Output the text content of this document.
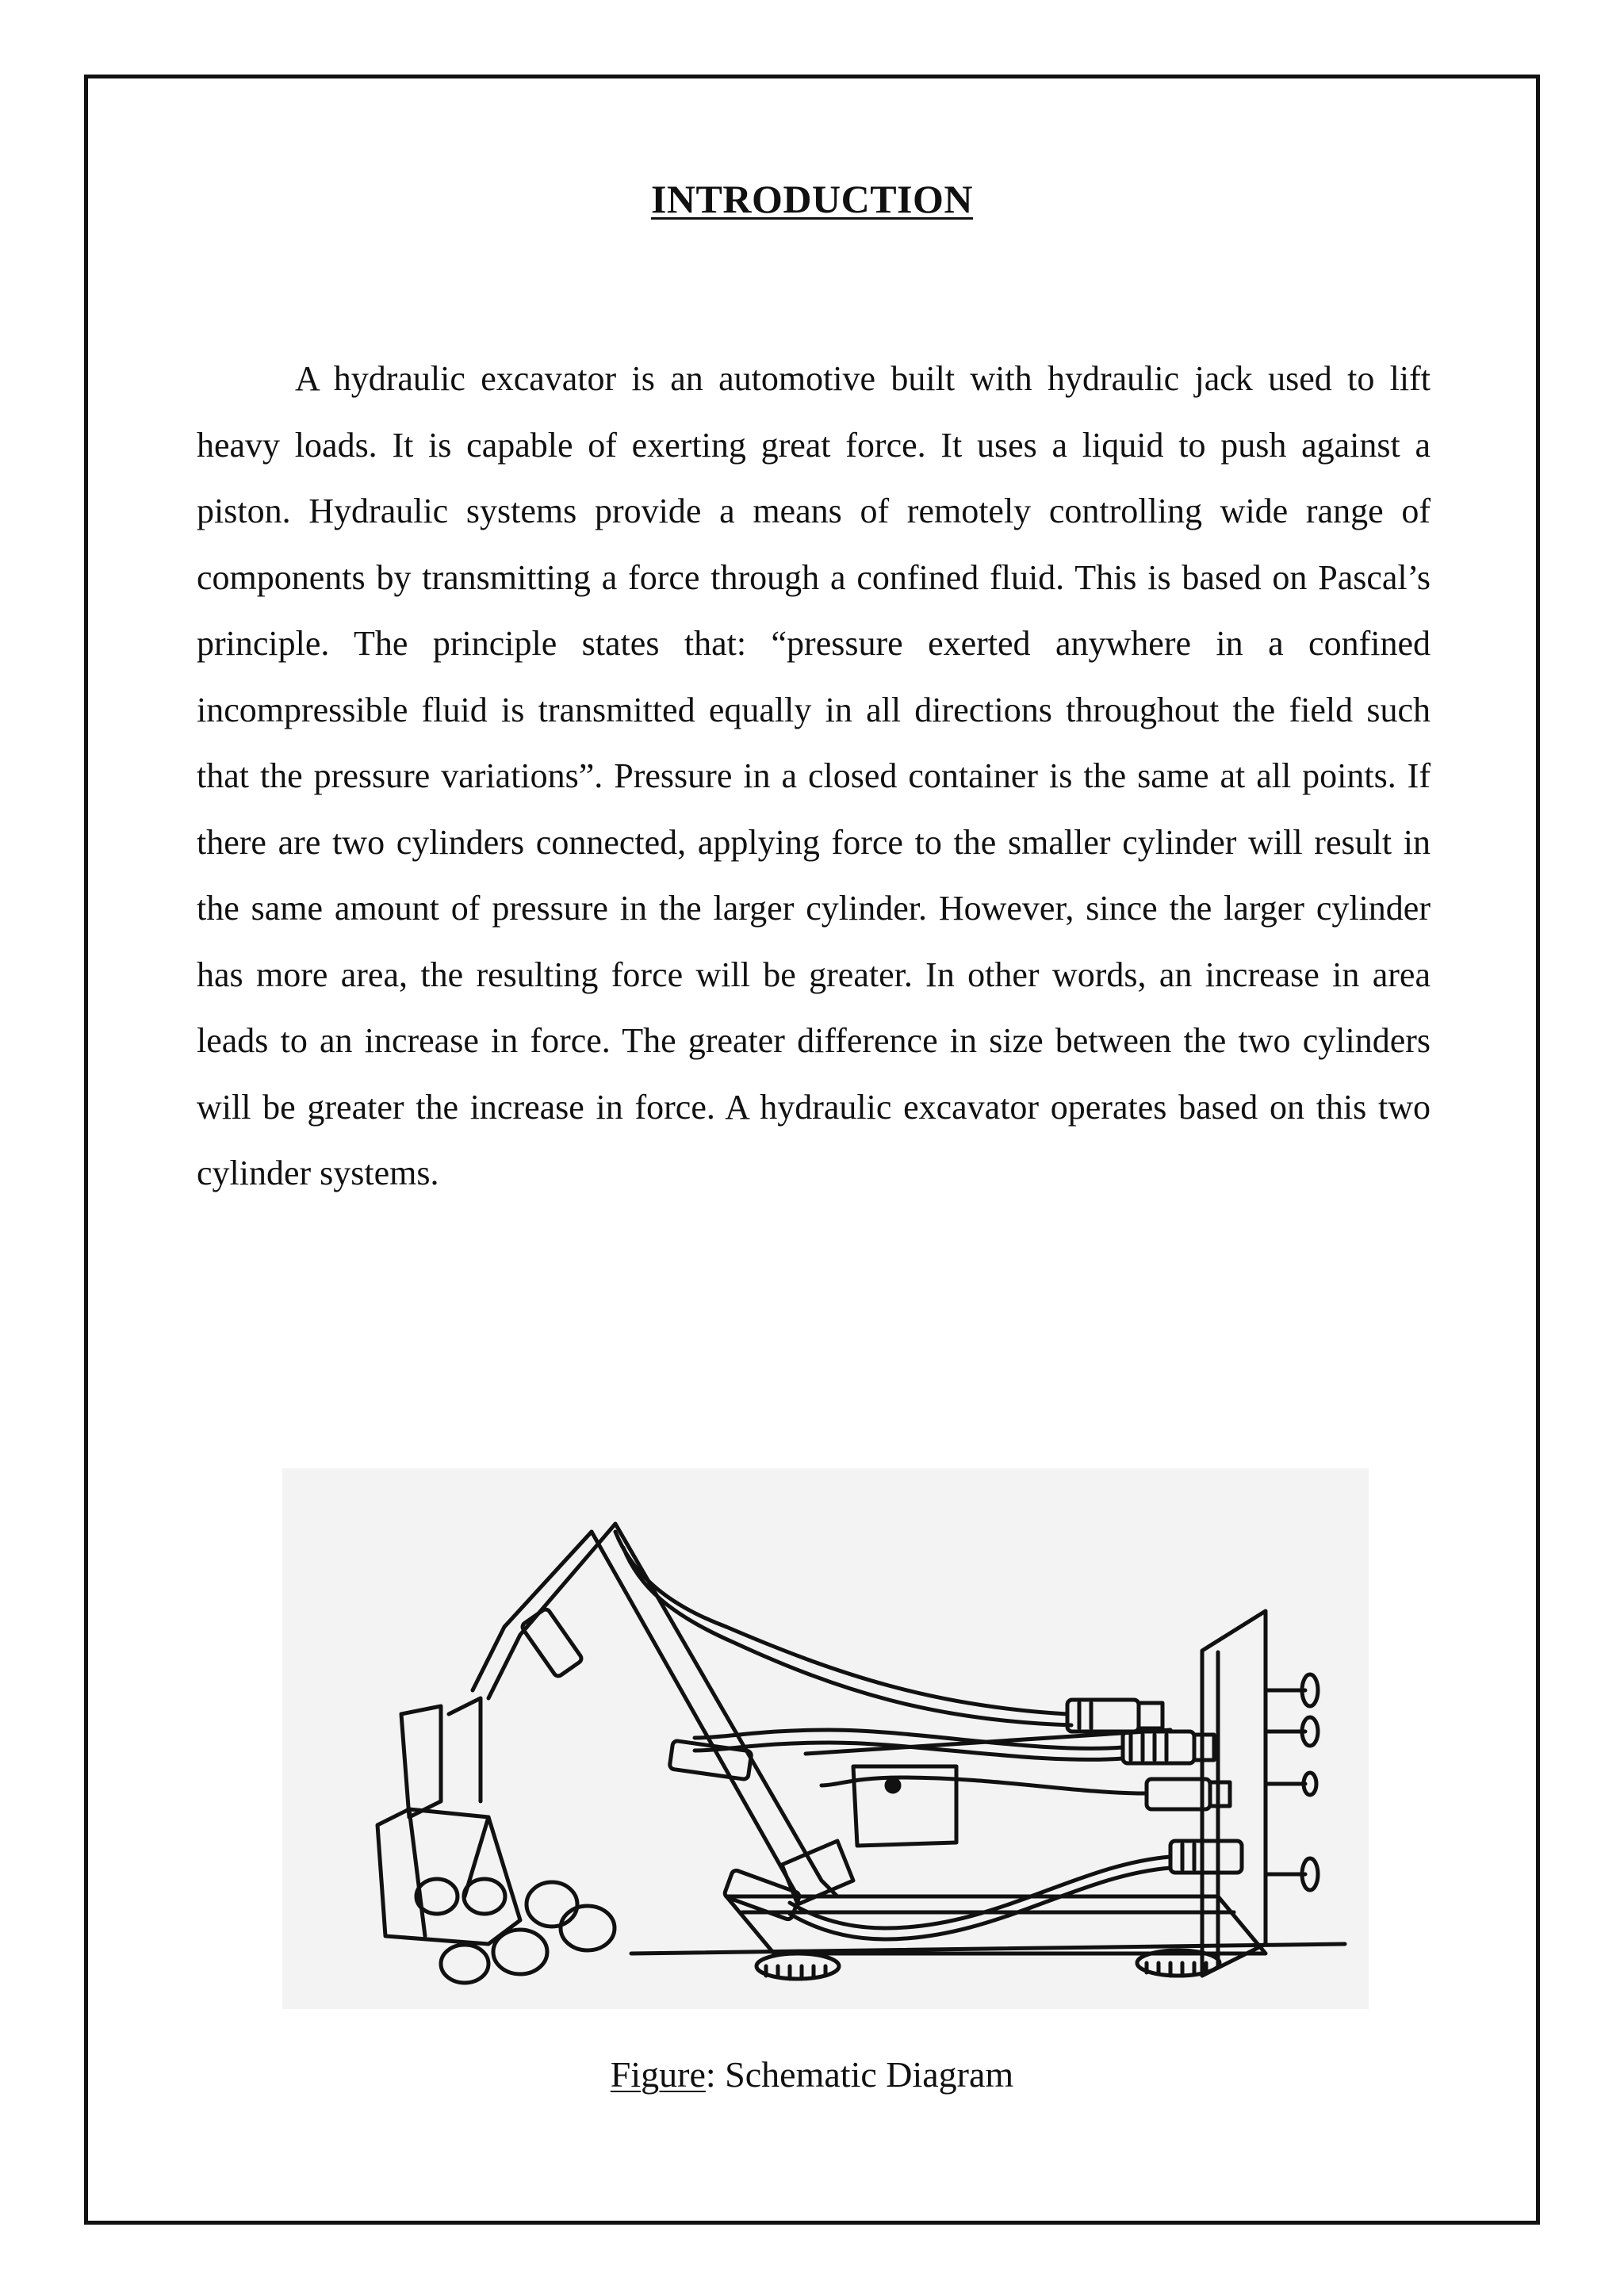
INTRODUCTION

A hydraulic excavator is an automotive built with hydraulic jack used to lift heavy loads. It is capable of exerting great force. It uses a liquid to push against a piston. Hydraulic systems provide a means of remotely controlling wide range of components by transmitting a force through a confined fluid. This is based on Pascal’s principle. The principle states that: “pressure exerted anywhere in a confined incompressible fluid is transmitted equally in all directions throughout the field such that the pressure variations”. Pressure in a closed container is the same at all points. If there are two cylinders connected, applying force to the smaller cylinder will result in the same amount of pressure in the larger cylinder. However, since the larger cylinder has more area, the resulting force will be greater. In other words, an increase in area leads to an increase in force. The greater difference in size between the two cylinders will be greater the increase in force. A hydraulic excavator operates based on this two cylinder systems.

Figure: Schematic Diagram
